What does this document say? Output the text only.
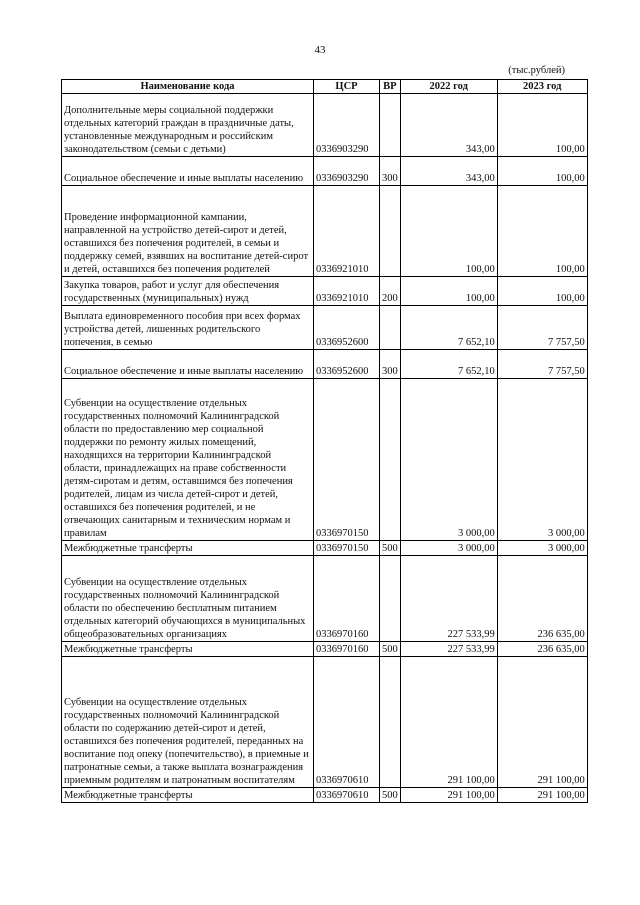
43
(тыс.рублей)
Наименование кода	ЦСР	ВР	2022 год	2023 год
Дополнительные меры социальной поддержки отдельных категорий граждан в праздничные даты, установленные международным и российским законодательством (семьи с детьми)	0336903290		343,00	100,00
Социальное обеспечение и иные выплаты населению	0336903290	300	343,00	100,00
Проведение информационной кампании, направленной на устройство детей-сирот и детей, оставшихся без попечения родителей, в семьи и поддержку семей, взявших на воспитание детей-сирот и детей, оставшихся без попечения родителей	0336921010		100,00	100,00
Закупка товаров, работ и услуг для обеспечения государственных (муниципальных) нужд	0336921010	200	100,00	100,00
Выплата единовременного пособия при всех формах устройства детей, лишенных родительского попечения, в семью	0336952600		7 652,10	7 757,50
Социальное обеспечение и иные выплаты населению	0336952600	300	7 652,10	7 757,50
Субвенции на осуществление отдельных государственных полномочий Калининградской области по предоставлению мер социальной поддержки по ремонту жилых помещений, находящихся на территории Калининградской области, принадлежащих на праве собственности детям-сиротам и детям, оставшимся без попечения родителей, лицам из числа детей-сирот и детей, оставшихся без попечения родителей, и не отвечающих санитарным и техническим нормам и правилам	0336970150		3 000,00	3 000,00
Межбюджетные трансферты	0336970150	500	3 000,00	3 000,00
Субвенции на осуществление отдельных государственных полномочий Калининградской области по обеспечению бесплатным питанием отдельных категорий обучающихся в муниципальных общеобразовательных организациях	0336970160		227 533,99	236 635,00
Межбюджетные трансферты	0336970160	500	227 533,99	236 635,00
Субвенции на осуществление отдельных государственных полномочий Калининградской области по содержанию детей-сирот и детей, оставшихся без попечения родителей, переданных на воспитание под опеку (попечительство), в приемные и патронатные семьи, а также выплата вознаграждения приемным родителям и патронатным воспитателям	0336970610		291 100,00	291 100,00
Межбюджетные трансферты	0336970610	500	291 100,00	291 100,00
